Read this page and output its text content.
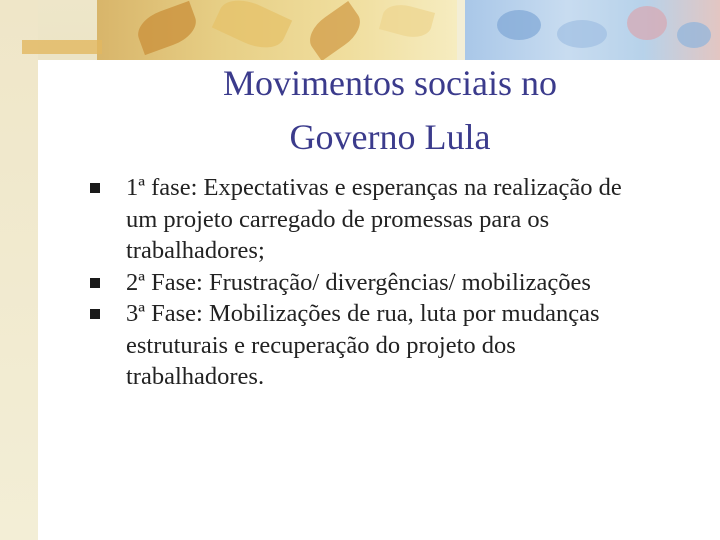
Movimentos sociais no
Governo Lula
1ª fase: Expectativas e esperanças na realização de um projeto carregado de promessas para os trabalhadores;
2ª Fase: Frustração/ divergências/ mobilizações
3ª Fase: Mobilizações de rua, luta por mudanças estruturais e recuperação do projeto dos trabalhadores.
